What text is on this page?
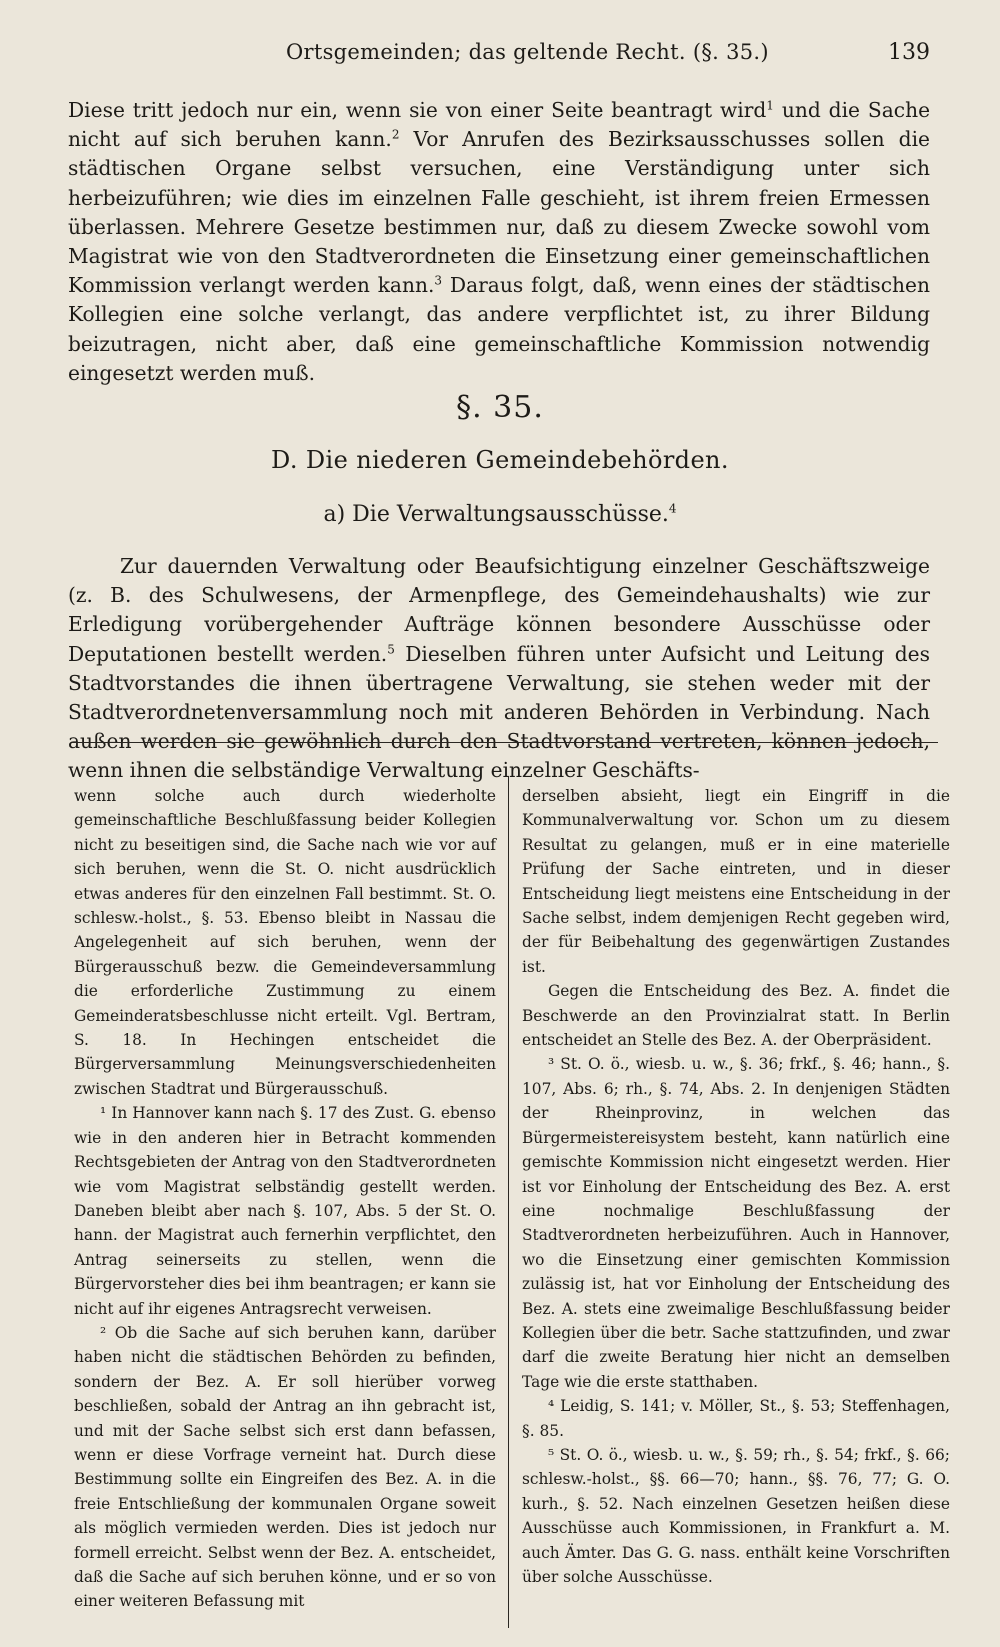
Ortsgemeinden; das geltende Recht. (§. 35.)	139

Diese tritt jedoch nur ein, wenn sie von einer Seite beantragt wird$^1$ und die Sache nicht auf sich beruhen kann.$^2$ Vor Anrufen des Bezirksausschusses sollen die städtischen Organe selbst versuchen, eine Verständigung unter sich herbeizuführen; wie dies im einzelnen Falle geschieht, ist ihrem freien Ermessen überlassen. Mehrere Gesetze bestimmen nur, daß zu diesem Zwecke sowohl vom Magistrat wie von den Stadtverordneten die Einsetzung einer gemeinschaftlichen Kommission verlangt werden kann.$^3$ Daraus folgt, daß, wenn eines der städtischen Kollegien eine solche verlangt, das andere verpflichtet ist, zu ihrer Bildung beizutragen, nicht aber, daß eine gemeinschaftliche Kommission notwendig eingesetzt werden muß.

§. 35.
D. Die niederen Gemeindebehörden.
a) Die Verwaltungsausschüsse.$^4$

Zur dauernden Verwaltung oder Beaufsichtigung einzelner Geschäftszweige (z. B. des Schulwesens, der Armenpflege, des Gemeindehaushalts) wie zur Erledigung vorübergehender Aufträge können besondere Ausschüsse oder Deputationen bestellt werden.$^5$ Dieselben führen unter Aufsicht und Leitung des Stadtvorstandes die ihnen übertragene Verwaltung, sie stehen weder mit der Stadtverordnetenversammlung noch mit anderen Behörden in Verbindung. Nach außen werden sie gewöhnlich durch den Stadtvorstand vertreten, können jedoch, wenn ihnen die selbständige Verwaltung einzelner Geschäfts-

wenn solche auch durch wiederholte gemeinschaftliche Beschlußfassung beider Kollegien nicht zu beseitigen sind, die Sache nach wie vor auf sich beruhen, wenn die St. O. nicht ausdrücklich etwas anderes für den einzelnen Fall bestimmt. St. O. schlesw.-holst., §. 53. Ebenso bleibt in Nassau die Angelegenheit auf sich beruhen, wenn der Bürgerausschuß bezw. die Gemeindeversammlung die erforderliche Zustimmung zu einem Gemeinderatsbeschlusse nicht erteilt. Vgl. Bertram, S. 18. In Hechingen entscheidet die Bürgerversammlung Meinungsverschiedenheiten zwischen Stadtrat und Bürgerausschuß.

¹ In Hannover kann nach §. 17 des Zust. G. ebenso wie in den anderen hier in Betracht kommenden Rechtsgebieten der Antrag von den Stadtverordneten wie vom Magistrat selbständig gestellt werden. Daneben bleibt aber nach §. 107, Abs. 5 der St. O. hann. der Magistrat auch fernerhin verpflichtet, den Antrag seinerseits zu stellen, wenn die Bürgervorsteher dies bei ihm beantragen; er kann sie nicht auf ihr eigenes Antragsrecht verweisen.

² Ob die Sache auf sich beruhen kann, darüber haben nicht die städtischen Behörden zu befinden, sondern der Bez. A. Er soll hierüber vorweg beschließen, sobald der Antrag an ihn gebracht ist, und mit der Sache selbst sich erst dann befassen, wenn er diese Vorfrage verneint hat. Durch diese Bestimmung sollte ein Eingreifen des Bez. A. in die freie Entschließung der kommunalen Organe soweit als möglich vermieden werden. Dies ist jedoch nur formell erreicht. Selbst wenn der Bez. A. entscheidet, daß die Sache auf sich beruhen könne, und er so von einer weiteren Befassung mit

derselben absieht, liegt ein Eingriff in die Kommunalverwaltung vor. Schon um zu diesem Resultat zu gelangen, muß er in eine materielle Prüfung der Sache eintreten, und in dieser Entscheidung liegt meistens eine Entscheidung in der Sache selbst, indem demjenigen Recht gegeben wird, der für Beibehaltung des gegenwärtigen Zustandes ist.

Gegen die Entscheidung des Bez. A. findet die Beschwerde an den Provinzialrat statt. In Berlin entscheidet an Stelle des Bez. A. der Oberpräsident.

³ St. O. ö., wiesb. u. w., §. 36; frkf., §. 46; hann., §. 107, Abs. 6; rh., §. 74, Abs. 2. In denjenigen Städten der Rheinprovinz, in welchen das Bürgermeistereisystem besteht, kann natürlich eine gemischte Kommission nicht eingesetzt werden. Hier ist vor Einholung der Entscheidung des Bez. A. erst eine nochmalige Beschlußfassung der Stadtverordneten herbeizuführen. Auch in Hannover, wo die Einsetzung einer gemischten Kommission zulässig ist, hat vor Einholung der Entscheidung des Bez. A. stets eine zweimalige Beschlußfassung beider Kollegien über die betr. Sache stattzufinden, und zwar darf die zweite Beratung hier nicht an demselben Tage wie die erste statthaben.

⁴ Leidig, S. 141; v. Möller, St., §. 53; Steffenhagen, §. 85.

⁵ St. O. ö., wiesb. u. w., §. 59; rh., §. 54; frkf., §. 66; schlesw.-holst., §§. 66—70; hann., §§. 76, 77; G. O. kurh., §. 52. Nach einzelnen Gesetzen heißen diese Ausschüsse auch Kommissionen, in Frankfurt a. M. auch Ämter. Das G. G. nass. enthält keine Vorschriften über solche Ausschüsse.
